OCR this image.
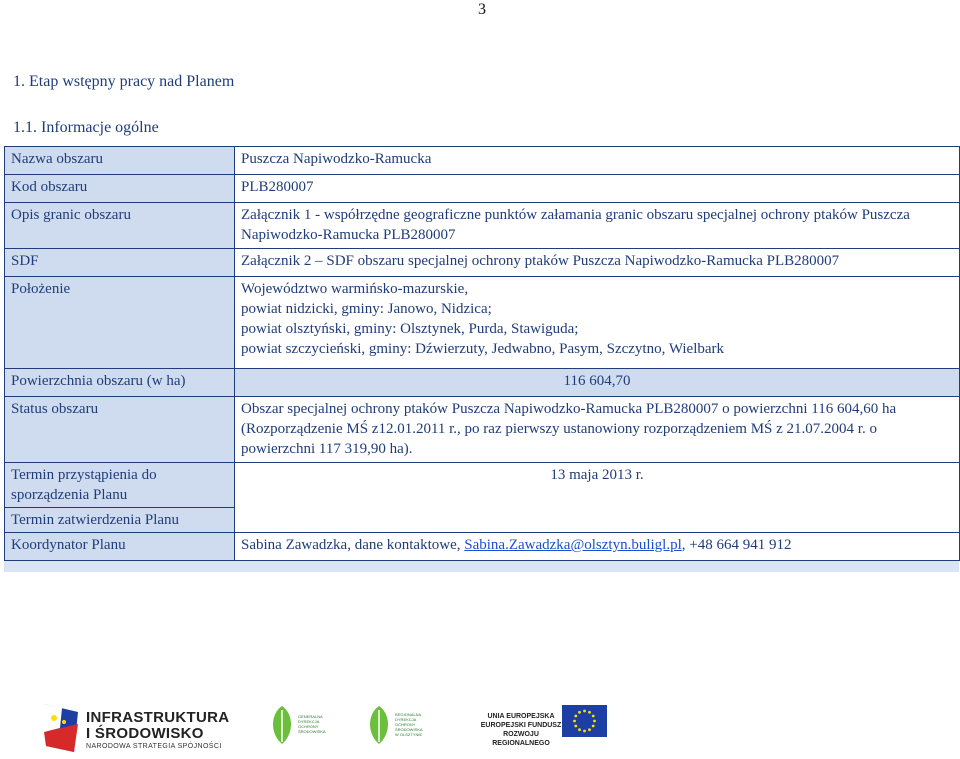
3
1. Etap wstępny pracy nad Planem
1.1. Informacje ogólne
Nazwa obszaru	Puszcza Napiwodzko-Ramucka
Kod obszaru	PLB280007
Opis granic obszaru	Załącznik 1 - współrzędne geograficzne punktów załamania granic obszaru specjalnej ochrony ptaków Puszcza Napiwodzko-Ramucka PLB280007
SDF	Załącznik 2 – SDF obszaru specjalnej ochrony ptaków Puszcza Napiwodzko-Ramucka PLB280007
Położenie	Województwo warmińsko-mazurskie,
powiat nidzicki, gminy: Janowo, Nidzica;
powiat olsztyński, gminy: Olsztynek, Purda, Stawiguda;
powiat szczycieński, gminy: Dźwierzuty, Jedwabno, Pasym, Szczytno, Wielbark

Powierzchnia obszaru (w ha)	116 604,70
Status obszaru	Obszar specjalnej ochrony ptaków Puszcza Napiwodzko-Ramucka PLB280007 o powierzchni 116 604,60 ha (Rozporządzenie MŚ z12.01.2011 r., po raz pierwszy ustanowiony rozporządzeniem MŚ z 21.07.2004 r. o powierzchni 117 319,90 ha).
Termin przystąpienia do sporządzenia Planu	13 maja 2013 r.
Termin zatwierdzenia Planu	
Koordynator Planu	Sabina Zawadzka, dane kontaktowe, Sabina.Zawadzka@olsztyn.buligl.pl, +48 664 941 912
INFRASTRUKTURA
I ŚRODOWISKO
NARODOWA STRATEGIA SPÓJNOŚCI
GENERALNA DYREKCJA OCHRONY ŚRODOWISKA
REGIONALNA DYREKCJA OCHRONY ŚRODOWISKA W OLSZTYNIE
UNIA EUROPEJSKA
EUROPEJSKI FUNDUSZ
ROZWOJU REGIONALNEGO
